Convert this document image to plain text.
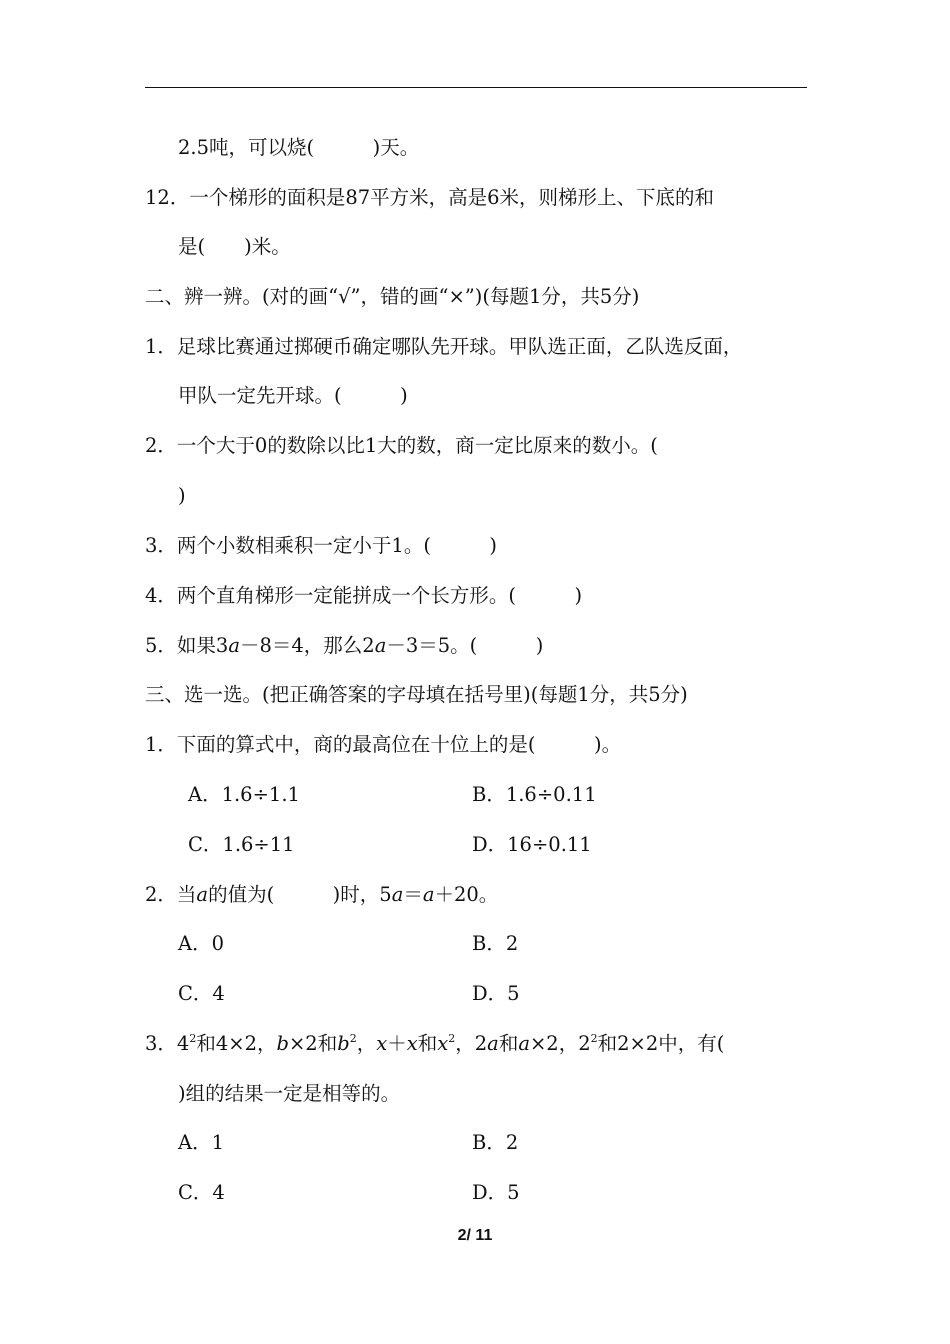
2.5吨，可以烧(　　　)天。
12．一个梯形的面积是87平方米，高是6米，则梯形上、下底的和
是(　　)米。
二、辨一辨。(对的画“√”，错的画“×”)(每题1分，共5分)
1．足球比赛通过掷硬币确定哪队先开球。甲队选正面，乙队选反面，
甲队一定先开球。(　　　)
2．一个大于0的数除以比1大的数，商一定比原来的数小。(
)
3．两个小数相乘积一定小于1。(　　　)
4．两个直角梯形一定能拼成一个长方形。(　　　)
5．如果3a－8＝4，那么2a－3＝5。(　　　)
三、选一选。(把正确答案的字母填在括号里)(每题1分，共5分)
1．下面的算式中，商的最高位在十位上的是(　　　)。
A．1.6÷1.1	B．1.6÷0.11
C．1.6÷11	D．16÷0.11
2．当a的值为(　　　)时，5a＝a＋20。
A．0	B．2
C．4	D．5
3．$4^2$和4×2，b×2和$b^2$，x＋x和$x^2$，2a和a×2，$2^2$和2×2中，有(
)组的结果一定是相等的。
A．1	B．2
C．4	D．5
2/ 11
